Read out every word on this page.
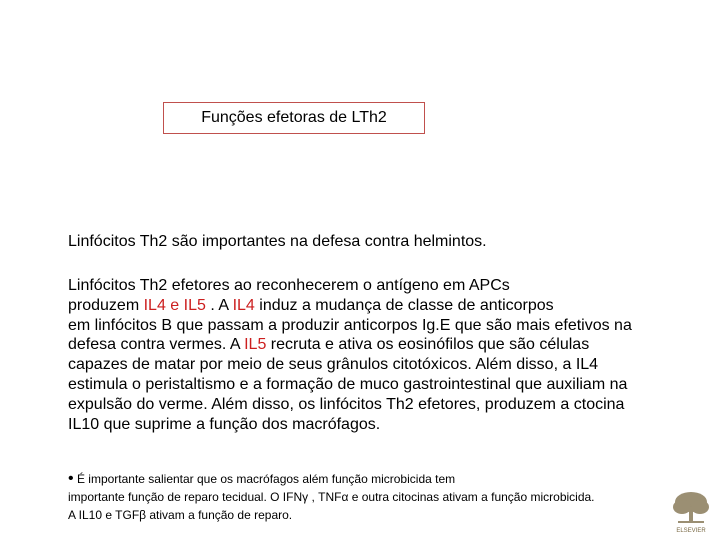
Funções efetoras de LTh2
Linfócitos Th2 são importantes na defesa contra helmintos.
Linfócitos Th2 efetores ao reconhecerem o antígeno em APCs
produzem IL4 e IL5 . A IL4 induz a mudança de classe de anticorpos
em linfócitos B que passam a produzir anticorpos Ig.E que são mais efetivos na
defesa contra vermes. A IL5 recruta e ativa os eosinófilos que são células
capazes de matar por meio de seus grânulos citotóxicos. Além disso, a IL4
estimula o peristaltismo e a formação de muco gastrointestinal que auxiliam na
expulsão do verme. Além disso, os linfócitos Th2 efetores, produzem a ctocina
IL10 que suprime a função dos macrófagos.
• É importante salientar que os macrófagos além função microbicida tem
importante função de reparo tecidual. O IFNγ , TNFα e outra citocinas ativam a função microbicida.
A IL10 e TGFβ ativam a função de reparo.
ELSEVIER
